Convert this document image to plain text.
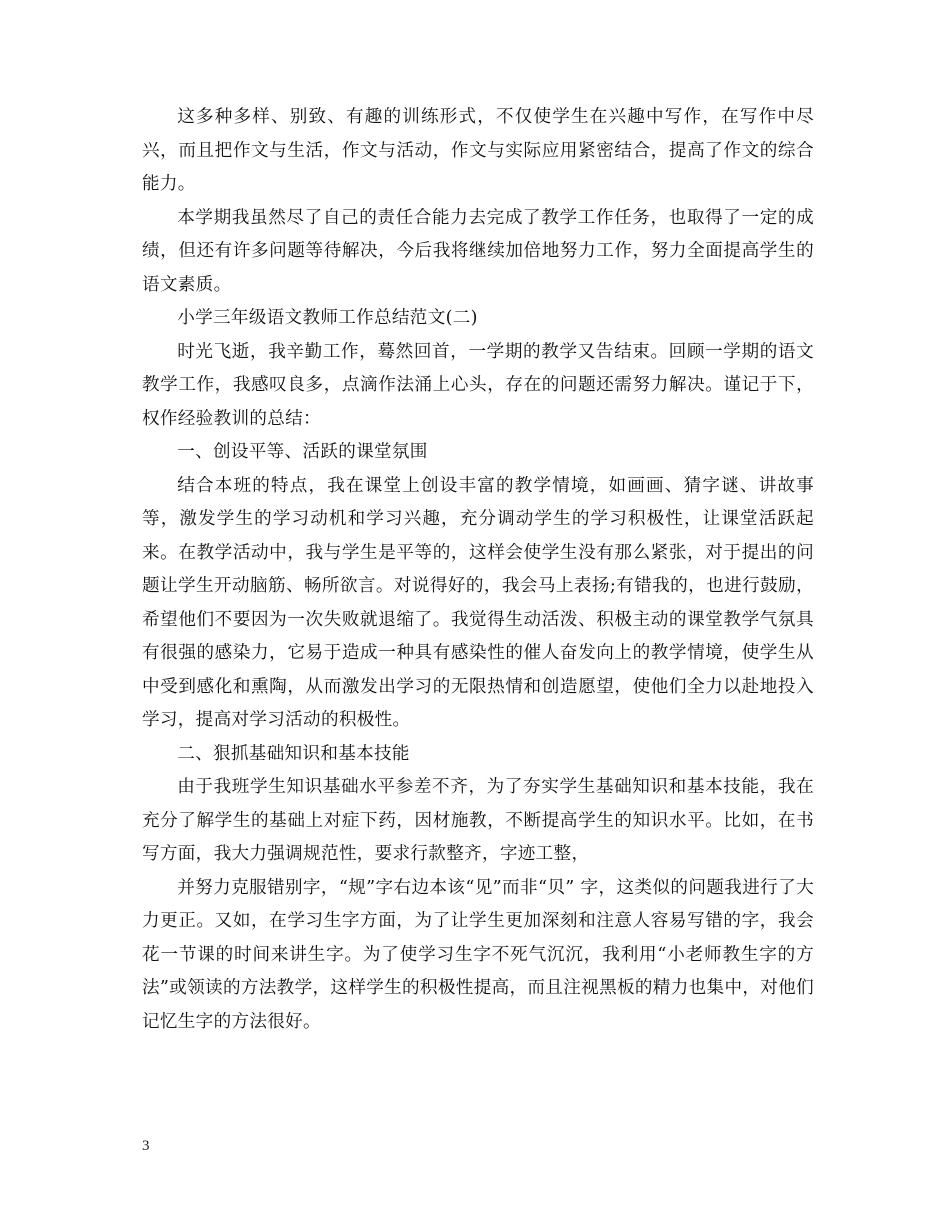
这多种多样、别致、有趣的训练形式，不仅使学生在兴趣中写作，在写作中尽兴，而且把作文与生活，作文与活动，作文与实际应用紧密结合，提高了作文的综合能力。

本学期我虽然尽了自己的责任合能力去完成了教学工作任务，也取得了一定的成绩，但还有许多问题等待解决，今后我将继续加倍地努力工作，努力全面提高学生的语文素质。

小学三年级语文教师工作总结范文(二)

时光飞逝，我辛勤工作，蓦然回首，一学期的教学又告结束。回顾一学期的语文教学工作，我感叹良多，点滴作法涌上心头，存在的问题还需努力解决。谨记于下，权作经验教训的总结：

一、创设平等、活跃的课堂氛围

结合本班的特点，我在课堂上创设丰富的教学情境，如画画、猜字谜、讲故事等，激发学生的学习动机和学习兴趣，充分调动学生的学习积极性，让课堂活跃起来。在教学活动中，我与学生是平等的，这样会使学生没有那么紧张，对于提出的问题让学生开动脑筋、畅所欲言。对说得好的，我会马上表扬;有错我的，也进行鼓励，希望他们不要因为一次失败就退缩了。我觉得生动活泼、积极主动的课堂教学气氛具有很强的感染力，它易于造成一种具有感染性的催人奋发向上的教学情境，使学生从中受到感化和熏陶，从而激发出学习的无限热情和创造愿望，使他们全力以赴地投入学习，提高对学习活动的积极性。

二、狠抓基础知识和基本技能

由于我班学生知识基础水平参差不齐，为了夯实学生基础知识和基本技能，我在充分了解学生的基础上对症下药，因材施教，不断提高学生的知识水平。比如，在书写方面，我大力强调规范性，要求行款整齐，字迹工整，

并努力克服错别字，“规”字右边本该“见”而非“贝” 字，这类似的问题我进行了大力更正。又如，在学习生字方面，为了让学生更加深刻和注意人容易写错的字，我会花一节课的时间来讲生字。为了使学习生字不死气沉沉，我利用“小老师教生字的方法”或领读的方法教学，这样学生的积极性提高，而且注视黑板的精力也集中，对他们记忆生字的方法很好。

3
